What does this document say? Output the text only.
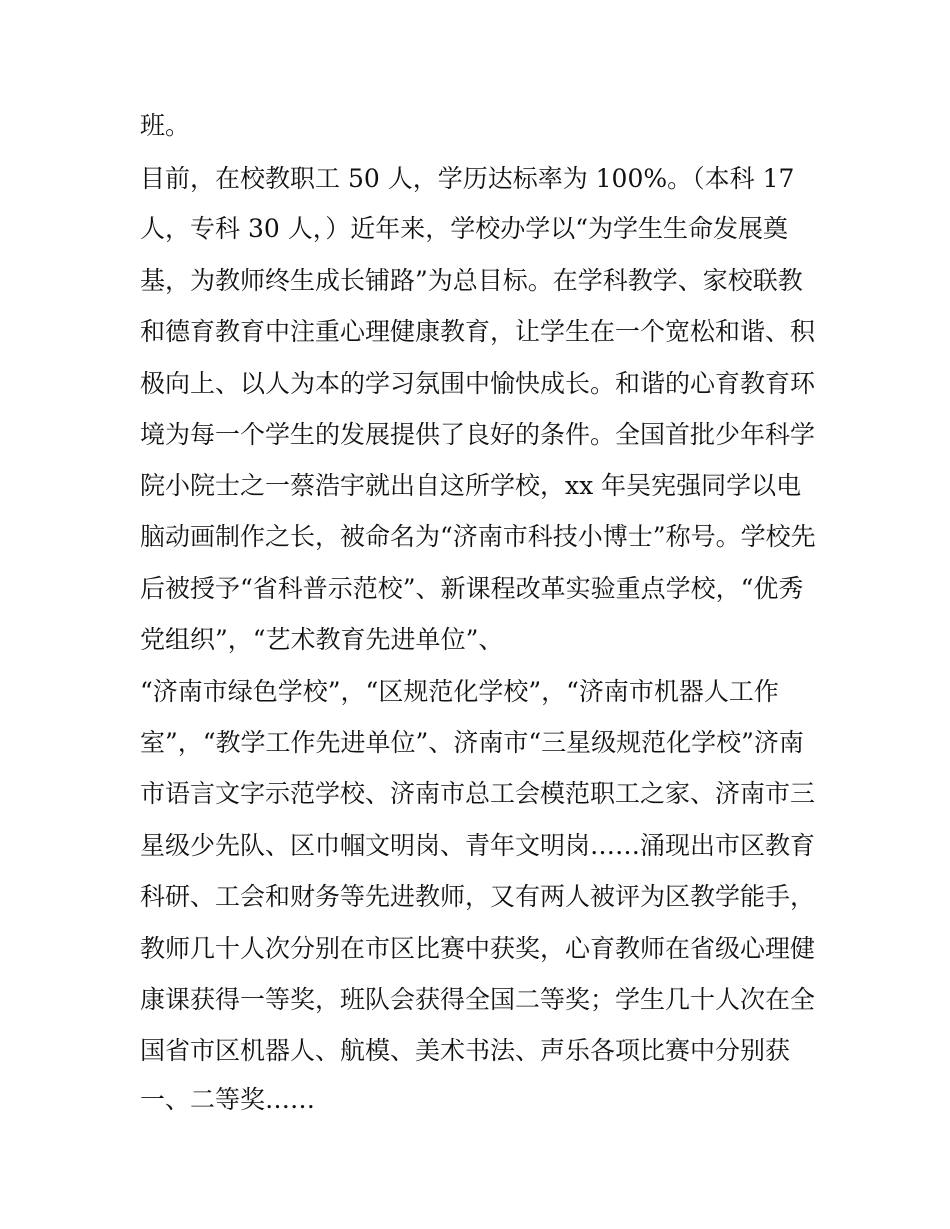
班。

目前，在校教职工 50 人，学历达标率为 100%。（本科 17

人，专科 30 人，）近年来，学校办学以“为学生生命发展奠

基，为教师终生成长铺路”为总目标。在学科教学、家校联教

和德育教育中注重心理健康教育，让学生在一个宽松和谐、积

极向上、以人为本的学习氛围中愉快成长。和谐的心育教育环

境为每一个学生的发展提供了良好的条件。全国首批少年科学

院小院士之一蔡浩宇就出自这所学校，xx 年吴宪强同学以电

脑动画制作之长，被命名为“济南市科技小博士”称号。学校先

后被授予“省科普示范校”、新课程改革实验重点学校，“优秀

党组织”，“艺术教育先进单位”、

“济南市绿色学校”，“区规范化学校”，“济南市机器人工作

室”，“教学工作先进单位”、济南市“三星级规范化学校”济南

市语言文字示范学校、济南市总工会模范职工之家、济南市三

星级少先队、区巾帼文明岗、青年文明岗……涌现出市区教育

科研、工会和财务等先进教师，又有两人被评为区教学能手，

教师几十人次分别在市区比赛中获奖，心育教师在省级心理健

康课获得一等奖，班队会获得全国二等奖；学生几十人次在全

国省市区机器人、航模、美术书法、声乐各项比赛中分别获

一、二等奖……
